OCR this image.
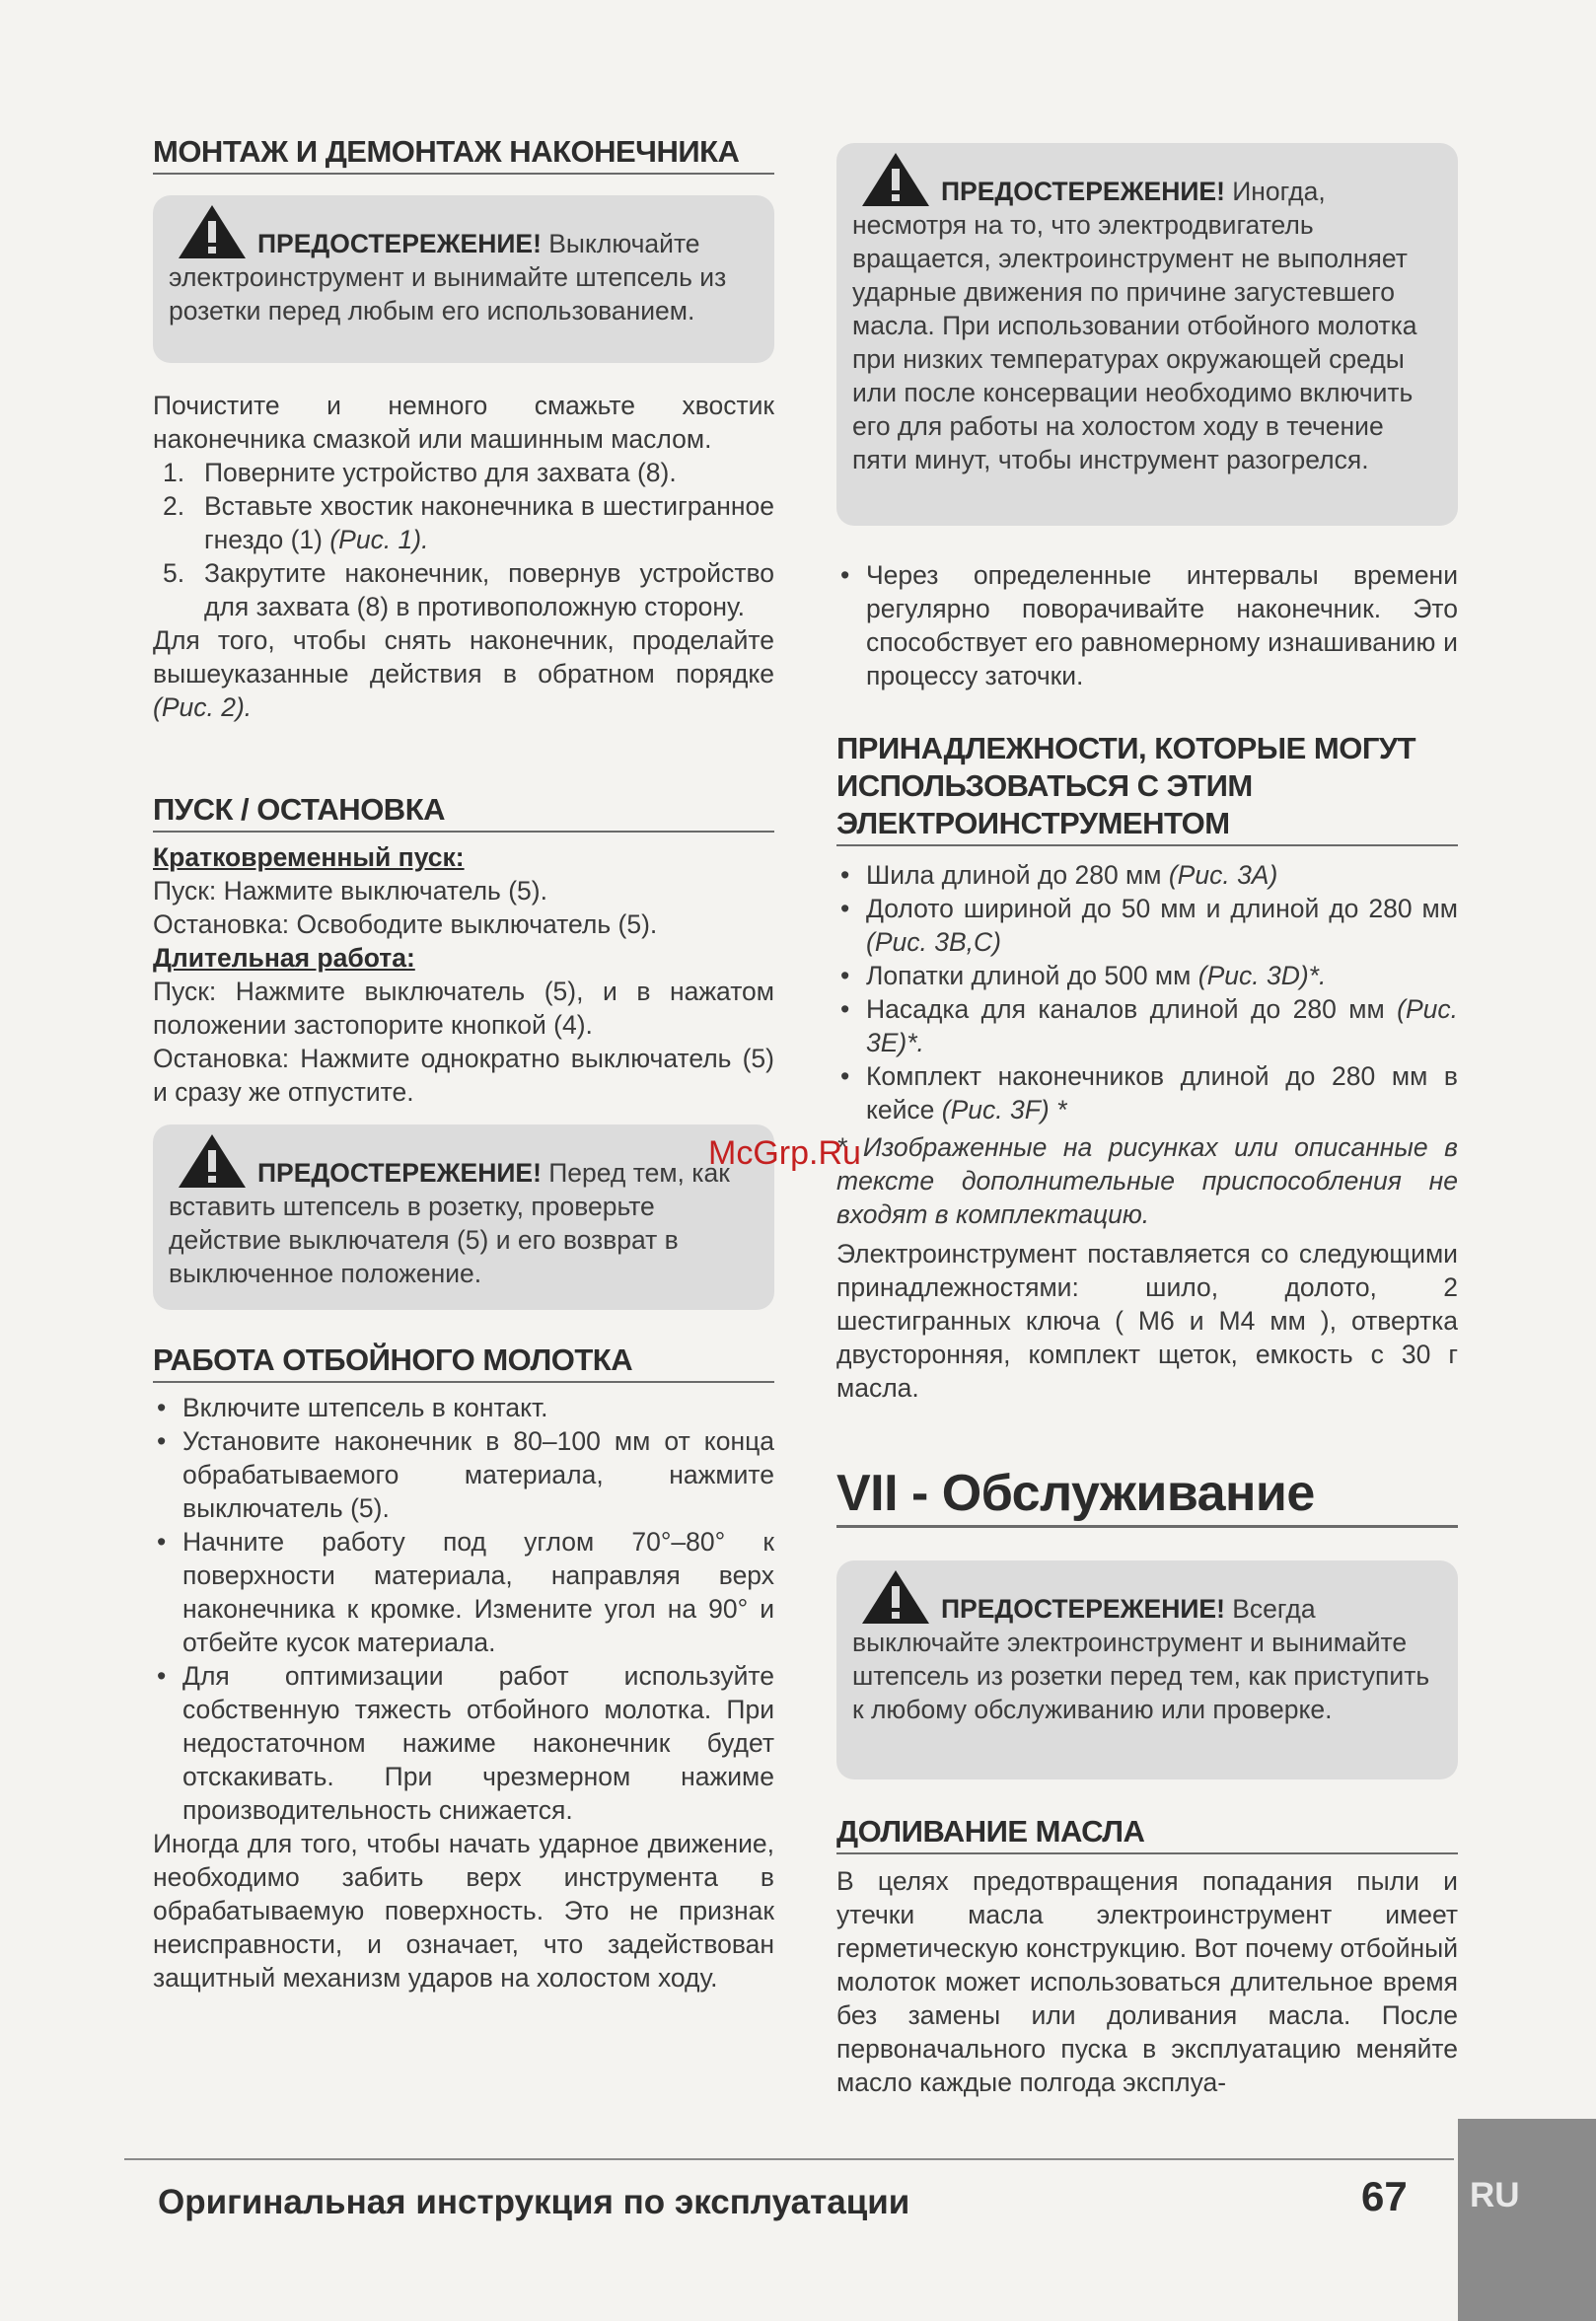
МОНТАЖ И ДЕМОНТАЖ НАКОНЕЧНИКА
ПРЕДОСТЕРЕЖЕНИЕ! Выключайте электроинструмент и вынимайте штепсель из розетки перед любым его использованием.

Почистите и немного смажьте хвостик наконечника смазкой или машинным маслом.

1. Поверните устройство для захвата (8).
2. Вставьте хвостик наконечника в шестигранное гнездо (1) (Рис. 1).
5. Закрутите наконечник, повернув устройство для захвата (8) в противоположную сторону.

Для того, чтобы снять наконечник, проделайте вышеуказанные действия в обратном порядке (Рис. 2).

ПУСК / ОСТАНОВКА

Кратковременный пуск:

Пуск: Нажмите выключатель (5).

Остановка: Освободите выключатель (5).

Длительная работа:

Пуск: Нажмите выключатель (5), и в нажатом положении застопорите кнопкой (4).

Остановка: Нажмите однократно выключатель (5) и сразу же отпустите.

ПРЕДОСТЕРЕЖЕНИЕ! Перед тем, как вставить штепсель в розетку, проверьте действие выключателя (5) и его возврат в выключенное положение.
РАБОТА ОТБОЙНОГО МОЛОТКА
• Включите штепсель в контакт.
• Установите наконечник в 80–100 мм от конца обрабатываемого материала, нажмите выключатель (5).
• Начните работу под углом 70°–80° к поверхности материала, направляя верх наконечника к кромке. Измените угол на 90° и отбейте кусок материала.
• Для оптимизации работ используйте собственную тяжесть отбойного молотка. При недостаточном нажиме наконечник будет отскакивать. При чрезмерном нажиме производительность снижается.

Иногда для того, чтобы начать ударное движение, необходимо забить верх инструмента в обрабатываемую поверхность. Это не признак неисправности, и означает, что задействован защитный механизм ударов на холостом ходу.

ПРЕДОСТЕРЕЖЕНИЕ! Иногда, несмотря на то, что электродвигатель вращается, электроинструмент не выполняет ударные движения по причине загустевшего масла. При использовании отбойного молотка при низких температурах окружающей среды или после консервации необходимо включить его для работы на холостом ходу в течение пяти минут, чтобы инструмент разогрелся.
• Через определенные интервалы времени регулярно поворачивайте наконечник. Это способствует его равномерному изнашиванию и процессу заточки.
ПРИНАДЛЕЖНОСТИ, КОТОРЫЕ МОГУТ ИСПОЛЬЗОВАТЬСЯ С ЭТИМ ЭЛЕКТРОИНСТРУМЕНТОМ
• Шила длиной до 280 мм (Рис. 3А)
• Долото шириной до 50 мм и длиной до 280 мм (Рис. 3B,C)
• Лопатки длиной до 500 мм (Рис. 3D)*.
• Насадка для каналов длиной до 280 мм (Рис. 3E)*.
• Комплект наконечников длиной до 280 мм в кейсе (Рис. 3F) *

* Изображенные на рисунках или описанные в тексте дополнительные приспособления не входят в комплектацию.

Электроинструмент поставляется со следующими принадлежностями: шило, долото, 2 шестигранных ключа ( М6 и М4 мм ), отвертка двусторонняя, комплект щеток, емкость с 30 г масла.

VII - Обслуживание
ПРЕДОСТЕРЕЖЕНИЕ! Всегда выключайте электроинструмент и вынимайте штепсель из розетки перед тем, как приступить к любому обслуживанию или проверке.
ДОЛИВАНИЕ МАСЛА
В целях предотвращения попадания пыли и утечки масла электроинструмент имеет герметическую конструкцию. Вот почему отбойный молоток может использоваться длительное время без замены или доливания масла. После первоначального пуска в эксплуатацию меняйте масло каждые полгода эксплуа-
McGrp.Ru
Оригинальная инструкция по эксплуатации	67 RU
